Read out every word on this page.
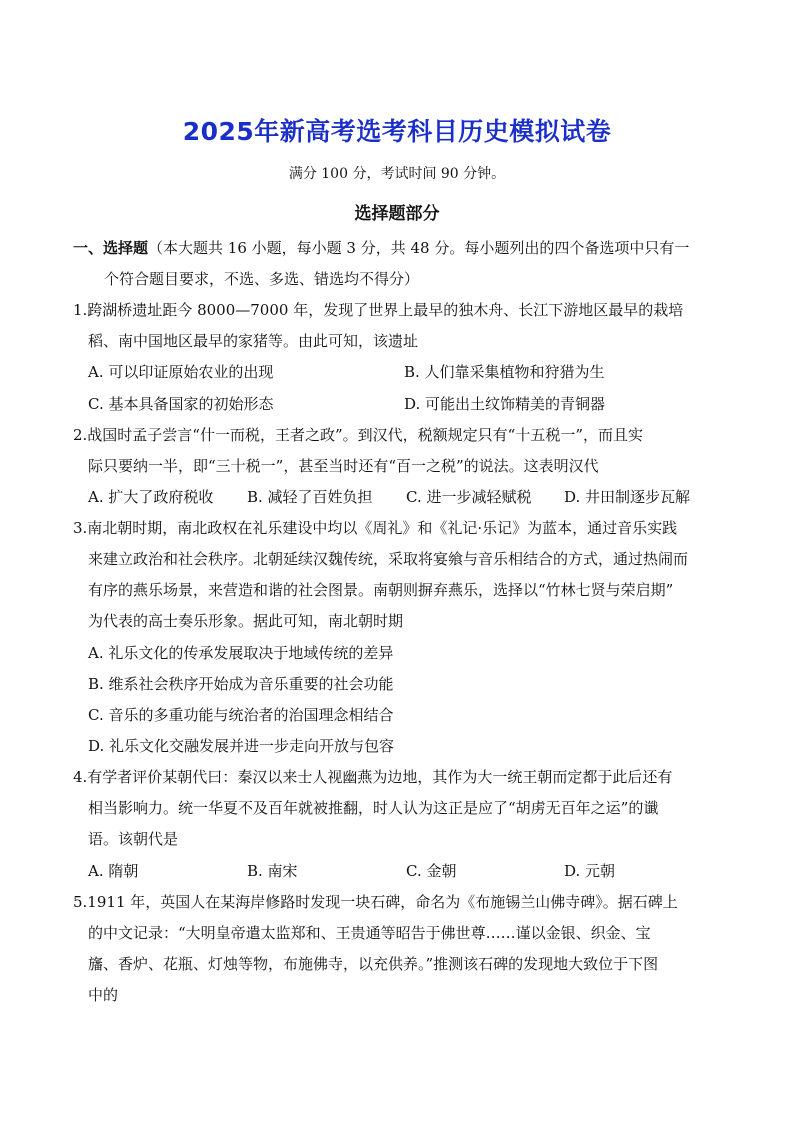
2025年新高考选考科目历史模拟试卷
满分 100 分，考试时间 90 分钟。
选择题部分
一、选择题（本大题共 16 小题，每小题 3 分，共 48 分。每小题列出的四个备选项中只有一
个符合题目要求，不选、多选、错选均不得分）
1.跨湖桥遗址距今 8000—7000 年，发现了世界上最早的独木舟、长江下游地区最早的栽培
稻、南中国地区最早的家猪等。由此可知，该遗址
A. 可以印证原始农业的出现	B. 人们靠采集植物和狩猎为生
C. 基本具备国家的初始形态	D. 可能出土纹饰精美的青铜器
2.战国时孟子尝言“什一而税，王者之政”。到汉代，税额规定只有“十五税一”，而且实
际只要纳一半，即“三十税一”，甚至当时还有“百一之税”的说法。这表明汉代
A. 扩大了政府税收 B. 减轻了百姓负担 C. 进一步减轻赋税 D. 井田制逐步瓦解
3.南北朝时期，南北政权在礼乐建设中均以《周礼》和《礼记·乐记》为蓝本，通过音乐实践
来建立政治和社会秩序。北朝延续汉魏传统，采取将宴飨与音乐相结合的方式，通过热闹而
有序的燕乐场景，来营造和谐的社会图景。南朝则摒弃燕乐，选择以“竹林七贤与荣启期”
为代表的高士奏乐形象。据此可知，南北朝时期
A. 礼乐文化的传承发展取决于地域传统的差异
B. 维系社会秩序开始成为音乐重要的社会功能
C. 音乐的多重功能与统治者的治国理念相结合
D. 礼乐文化交融发展并进一步走向开放与包容
4.有学者评价某朝代曰：秦汉以来士人视幽燕为边地，其作为大一统王朝而定都于此后还有
相当影响力。统一华夏不及百年就被推翻，时人认为这正是应了“胡虏无百年之运”的谶
语。该朝代是
A. 隋朝	B. 南宋	C. 金朝	D. 元朝
5.1911 年，英国人在某海岸修路时发现一块石碑，命名为《布施锡兰山佛寺碑》。据石碑上
的中文记录：“大明皇帝遣太监郑和、王贵通等昭告于佛世尊……谨以金银、织金、宝
旛、香炉、花瓶、灯烛等物，布施佛寺，以充供养。”推测该石碑的发现地大致位于下图
中的
